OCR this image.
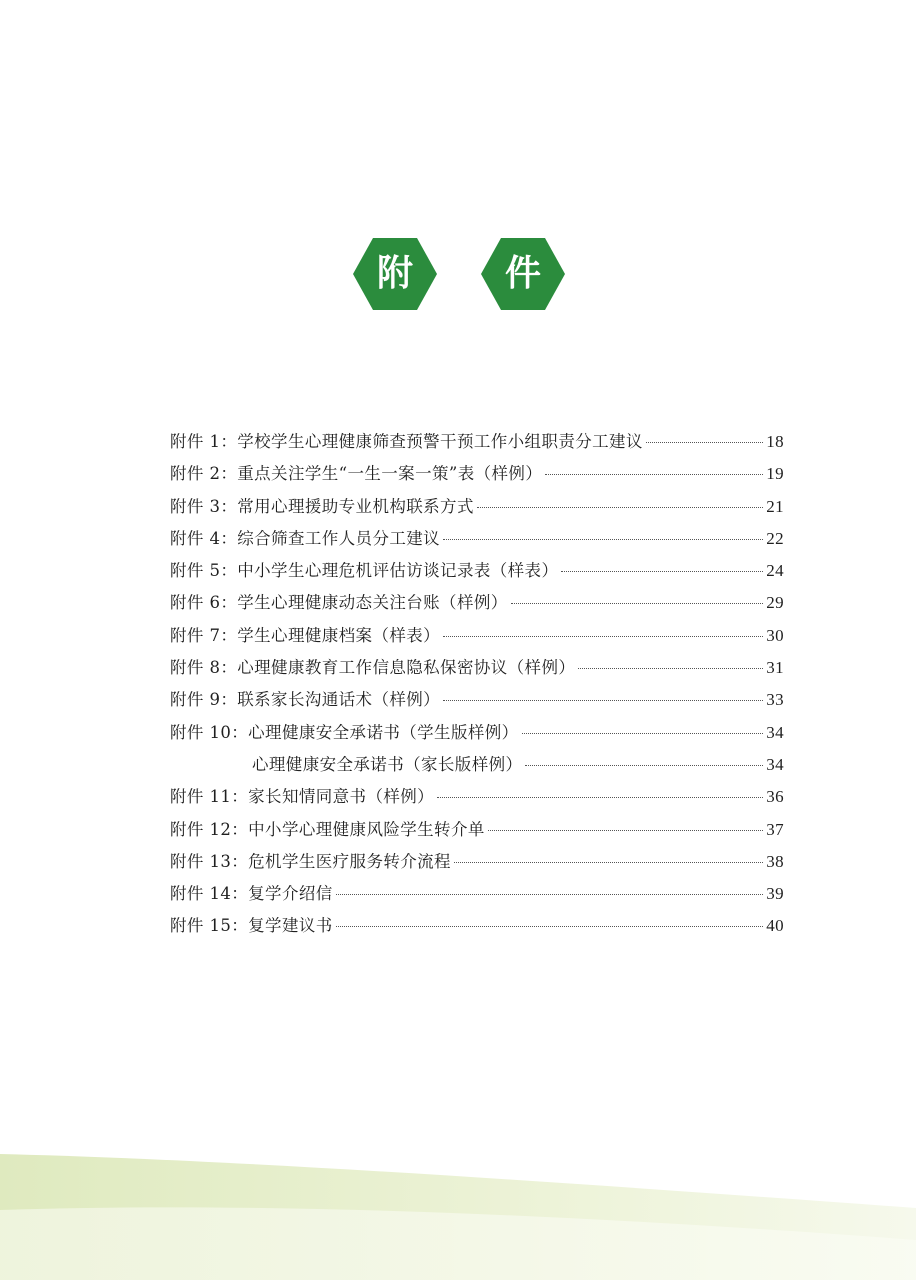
附	件
附件 1： 学校学生心理健康筛查预警干预工作小组职责分工建议	18
附件 2： 重点关注学生“一生一案一策”表（样例）	19
附件 3： 常用心理援助专业机构联系方式	21
附件 4： 综合筛查工作人员分工建议	22
附件 5： 中小学生心理危机评估访谈记录表（样表）	24
附件 6： 学生心理健康动态关注台账（样例）	29
附件 7： 学生心理健康档案（样表）	30
附件 8： 心理健康教育工作信息隐私保密协议（样例）	31
附件 9： 联系家长沟通话术（样例）	33
附件 10： 心理健康安全承诺书（学生版样例）	34
心理健康安全承诺书（家长版样例）	34
附件 11： 家长知情同意书（样例）	36
附件 12： 中小学心理健康风险学生转介单	37
附件 13： 危机学生医疗服务转介流程	38
附件 14： 复学介绍信	39
附件 15： 复学建议书	40
